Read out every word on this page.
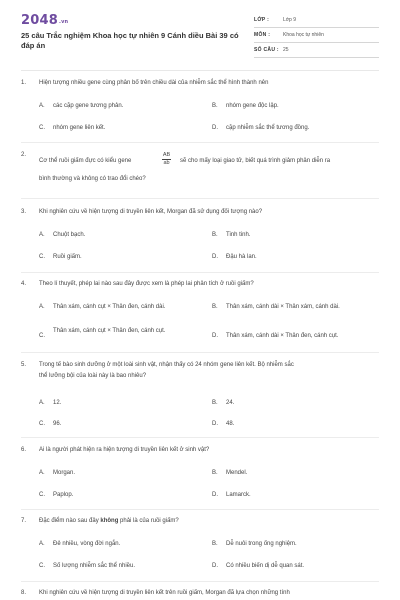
2048.vn
25 câu Trắc nghiệm Khoa học tự nhiên 9 Cánh diều Bài 39 có đáp án
LỚP :	Lớp 9
MÔN :	Khoa học tự nhiên
SỐ CÂU : 25
1. Hiện tượng nhiều gene cùng phân bố trên chiều dài của nhiễm sắc thể hình thành nên
A. các cặp gene tương phản.	B. nhóm gene độc lập.
C. nhóm gene liên kết.	D. cặp nhiễm sắc thể tương đồng.
2.
Cơ thể ruồi giấm đực có kiểu gene
AB
ab sẽ cho mấy loại giao tử, biết quá trình giảm phân diễn ra
bình thường và không có trao đổi chéo?
3. Khi nghiên cứu về hiện tượng di truyền liên kết, Morgan đã sử dụng đối tượng nào?
A. Chuột bạch.	B. Tinh tinh.
C. Ruồi giấm.	D. Đậu hà lan.
4. Theo lí thuyết, phép lai nào sau đây được xem là phép lai phân tích ở ruồi giấm?
A. Thân xám, cánh cụt × Thân đen, cánh dài.	B. Thân xám, cánh dài × Thân xám, cánh dài.
C.
Thân xám, cánh cụt × Thân đen, cánh cụt.
D. Thân xám, cánh dài × Thân đen, cánh cụt.
5. Trong tế bào sinh dưỡng ở một loài sinh vật, nhận thấy có 24 nhóm gene liên kết. Bộ nhiễm sắc
thể lưỡng bội của loài này là bao nhiêu?
A. 12.	B. 24.
C. 96.	D. 48.
6. Ai là người phát hiện ra hiện tượng di truyền liên kết ở sinh vật?
A. Morgan.	B. Mendel.
C. Paplop.	D. Lamarck.
7. Đặc điểm nào sau đây không phải là của ruồi giấm?
A. Đẻ nhiều, vòng đời ngắn.	B. Dễ nuôi trong ống nghiệm.
C. Số lượng nhiễm sắc thể nhiều.	D. Có nhiều biến dị dễ quan sát.
8. Khi nghiên cứu về hiện tượng di truyền liên kết trên ruồi giấm, Morgan đã lựa chọn những tính
